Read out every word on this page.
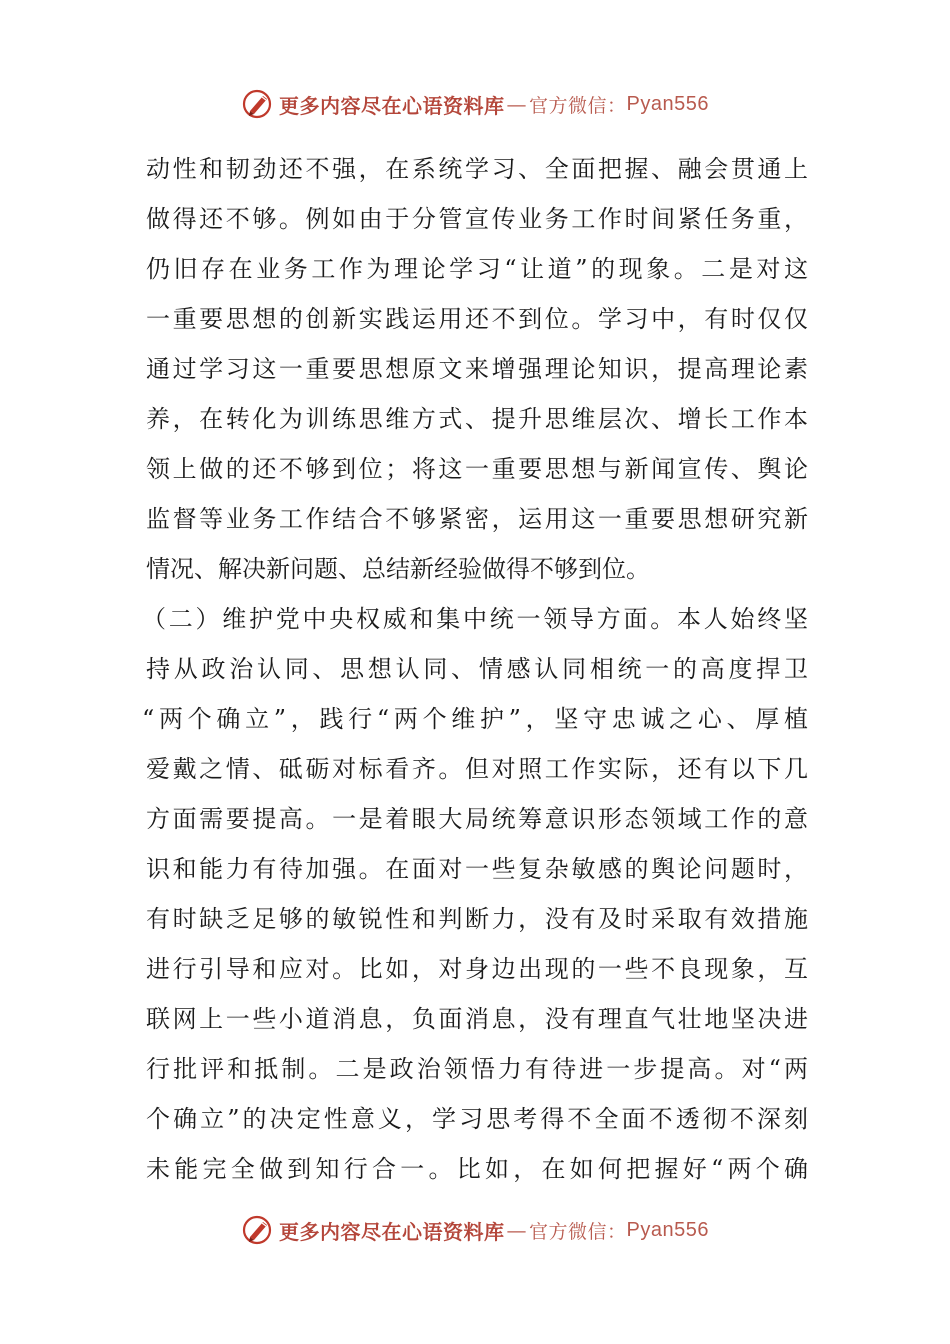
更多内容尽在心语资料库 — 官方微信： Pyan556
动性和韧劲还不强，在系统学习、全面把握、融会贯通上
做得还不够。例如由于分管宣传业务工作时间紧任务重，
仍旧存在业务工作为理论学习“让道”的现象。二是对这
一重要思想的创新实践运用还不到位。学习中，有时仅仅
通过学习这一重要思想原文来增强理论知识，提高理论素
养，在转化为训练思维方式、提升思维层次、增长工作本
领上做的还不够到位；将这一重要思想与新闻宣传、舆论
监督等业务工作结合不够紧密，运用这一重要思想研究新
情况、解决新问题、总结新经验做得不够到位。
（二）维护党中央权威和集中统一领导方面。本人始终坚
持从政治认同、思想认同、情感认同相统一的高度捍卫
“两个确立”，践行“两个维护”，坚守忠诚之心、厚植
爱戴之情、砥砺对标看齐。但对照工作实际，还有以下几
方面需要提高。一是着眼大局统筹意识形态领域工作的意
识和能力有待加强。在面对一些复杂敏感的舆论问题时，
有时缺乏足够的敏锐性和判断力，没有及时采取有效措施
进行引导和应对。比如，对身边出现的一些不良现象，互
联网上一些小道消息，负面消息，没有理直气壮地坚决进
行批评和抵制。二是政治领悟力有待进一步提高。对“两
个确立”的决定性意义，学习思考得不全面不透彻不深刻
未能完全做到知行合一。比如，在如何把握好“两个确
更多内容尽在心语资料库 — 官方微信： Pyan556
